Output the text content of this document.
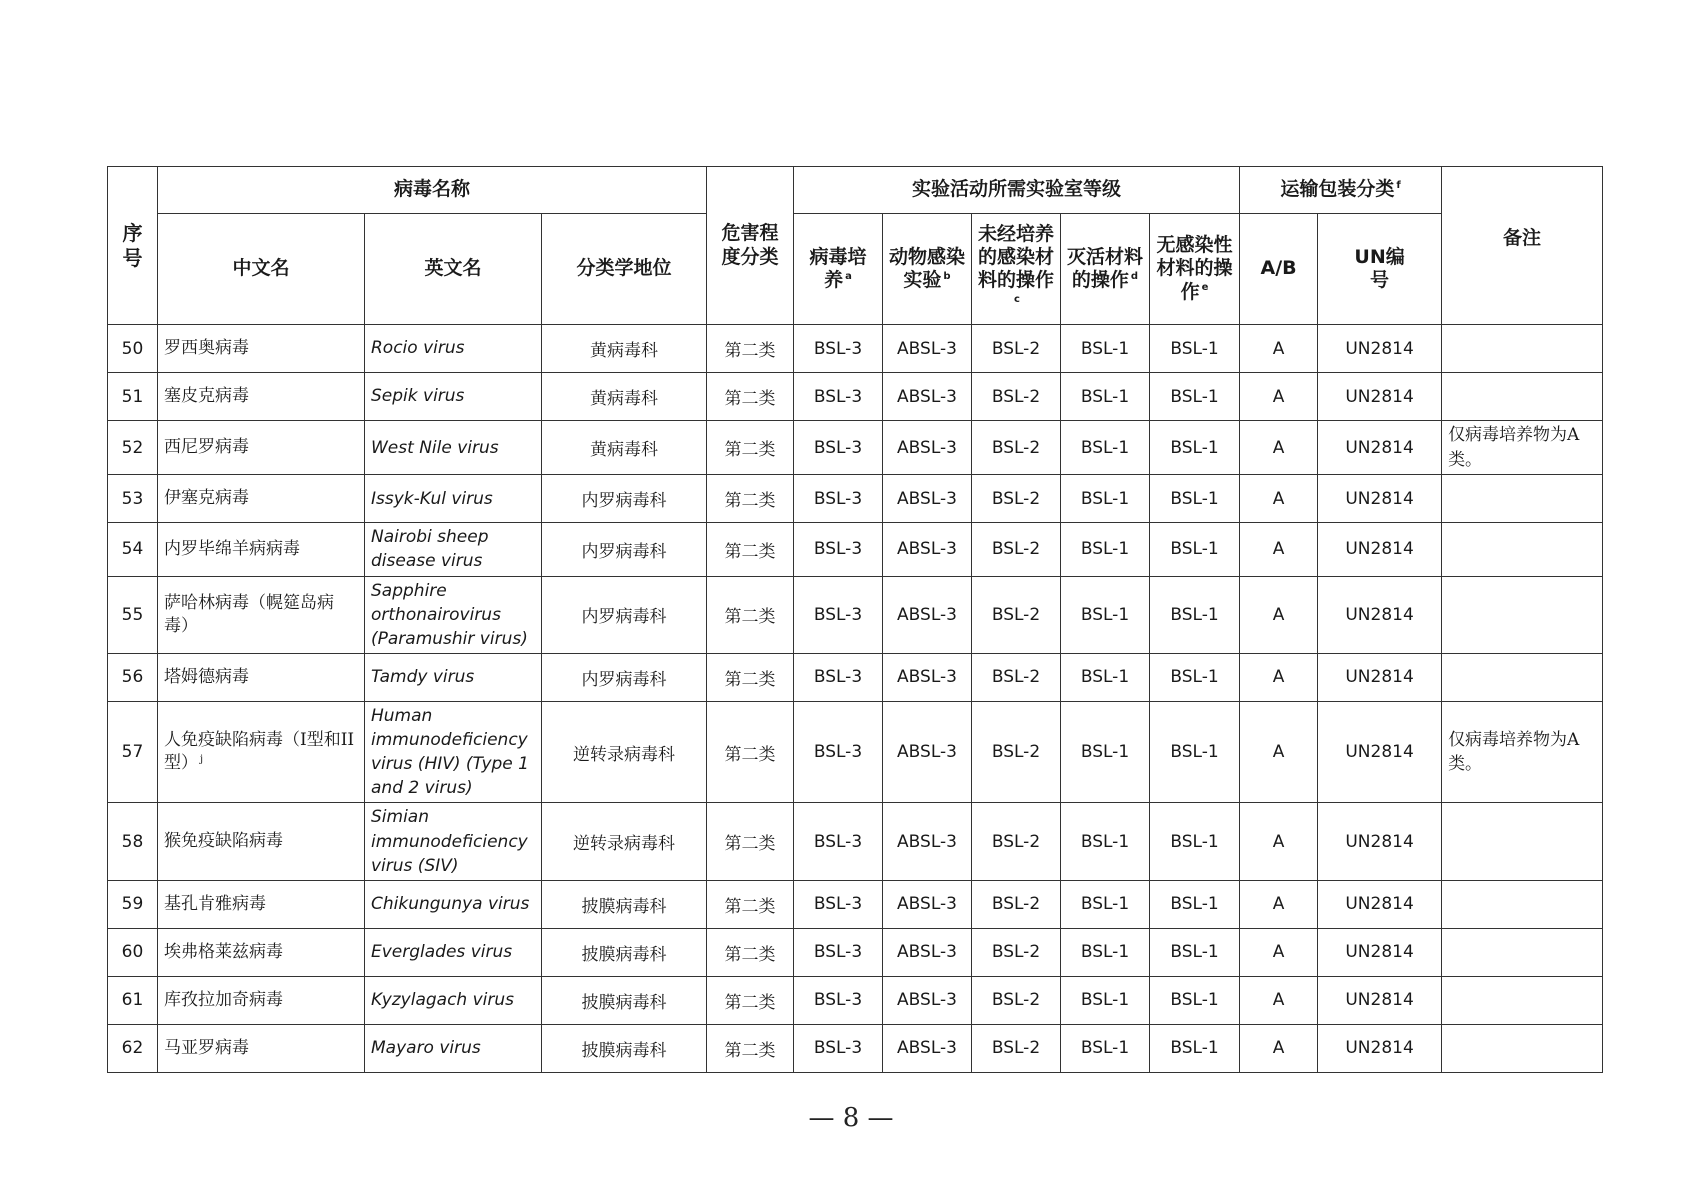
序号	病毒名称			危害程度分类	实验活动所需实验室等级					运输包装分类 $^f$		备注
	中文名	英文名	分类学地位		病毒培养 $^a$	动物感染实验 $^b$	未经培养的感染材料的操作$^c$	灭活材料的操作 $^d$	无感染性材料的操作 $^e$	A/B	UN编号	
50	罗西奥病毒	Rocio virus	黄病毒科	第二类	BSL-3	ABSL-3	BSL-2	BSL-1	BSL-1	A	UN2814	
51	塞皮克病毒	Sepik virus	黄病毒科	第二类	BSL-3	ABSL-3	BSL-2	BSL-1	BSL-1	A	UN2814	
52	西尼罗病毒	West Nile virus	黄病毒科	第二类	BSL-3	ABSL-3	BSL-2	BSL-1	BSL-1	A	UN2814	仅病毒培养物为A类。
53	伊塞克病毒	Issyk-Kul virus	内罗病毒科	第二类	BSL-3	ABSL-3	BSL-2	BSL-1	BSL-1	A	UN2814	
54	内罗毕绵羊病病毒	Nairobi sheep disease virus	内罗病毒科	第二类	BSL-3	ABSL-3	BSL-2	BSL-1	BSL-1	A	UN2814	
55	萨哈林病毒（幌筵岛病毒）	Sapphire orthonairovirus (Paramushir virus)	内罗病毒科	第二类	BSL-3	ABSL-3	BSL-2	BSL-1	BSL-1	A	UN2814	
56	塔姆德病毒	Tamdy virus	内罗病毒科	第二类	BSL-3	ABSL-3	BSL-2	BSL-1	BSL-1	A	UN2814	
57	人免疫缺陷病毒（I型和II型） $^j$	Human immunodeficiency virus (HIV) (Type 1 and 2 virus)	逆转录病毒科	第二类	BSL-3	ABSL-3	BSL-2	BSL-1	BSL-1	A	UN2814	仅病毒培养物为A类。
58	猴免疫缺陷病毒	Simian immunodeficiency virus (SIV)	逆转录病毒科	第二类	BSL-3	ABSL-3	BSL-2	BSL-1	BSL-1	A	UN2814	
59	基孔肯雅病毒	Chikungunya virus	披膜病毒科	第二类	BSL-3	ABSL-3	BSL-2	BSL-1	BSL-1	A	UN2814	
60	埃弗格莱兹病毒	Everglades virus	披膜病毒科	第二类	BSL-3	ABSL-3	BSL-2	BSL-1	BSL-1	A	UN2814	
61	库孜拉加奇病毒	Kyzylagach virus	披膜病毒科	第二类	BSL-3	ABSL-3	BSL-2	BSL-1	BSL-1	A	UN2814	
62	马亚罗病毒	Mayaro virus	披膜病毒科	第二类	BSL-3	ABSL-3	BSL-2	BSL-1	BSL-1	A	UN2814	
— 8 —
